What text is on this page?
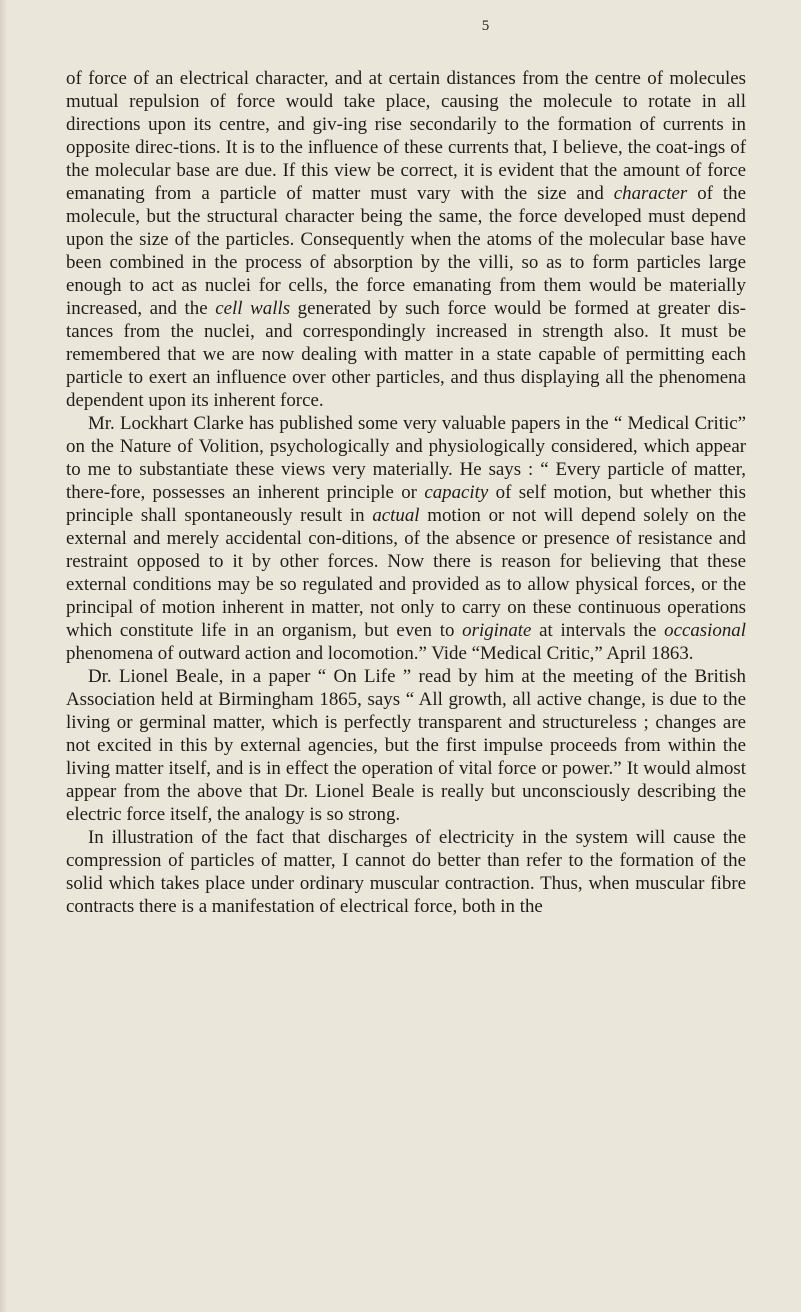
5

of force of an electrical character, and at certain distances from the centre of molecules mutual repulsion of force would take place, causing the molecule to rotate in all directions upon its centre, and giv-ing rise secondarily to the formation of currents in opposite direc-tions. It is to the influence of these currents that, I believe, the coat-ings of the molecular base are due. If this view be correct, it is evident that the amount of force emanating from a particle of matter must vary with the size and character of the molecule, but the structural character being the same, the force developed must depend upon the size of the particles. Consequently when the atoms of the molecular base have been combined in the process of absorption by the villi, so as to form particles large enough to act as nuclei for cells, the force emanating from them would be materially increased, and the cell walls generated by such force would be formed at greater dis-tances from the nuclei, and correspondingly increased in strength also. It must be remembered that we are now dealing with matter in a state capable of permitting each particle to exert an influence over other particles, and thus displaying all the phenomena dependent upon its inherent force.

Mr. Lockhart Clarke has published some very valuable papers in the “ Medical Critic” on the Nature of Volition, psychologically and physiologically considered, which appear to me to substantiate these views very materially. He says : “ Every particle of matter, there-fore, possesses an inherent principle or capacity of self motion, but whether this principle shall spontaneously result in actual motion or not will depend solely on the external and merely accidental con-ditions, of the absence or presence of resistance and restraint opposed to it by other forces. Now there is reason for believing that these external conditions may be so regulated and provided as to allow physical forces, or the principal of motion inherent in matter, not only to carry on these continuous operations which constitute life in an organism, but even to originate at intervals the occasional phenomena of outward action and locomotion.” Vide “Medical Critic,” April 1863.

Dr. Lionel Beale, in a paper “ On Life ” read by him at the meeting of the British Association held at Birmingham 1865, says “ All growth, all active change, is due to the living or germinal matter, which is perfectly transparent and structureless ; changes are not excited in this by external agencies, but the first impulse proceeds from within the living matter itself, and is in effect the operation of vital force or power.” It would almost appear from the above that Dr. Lionel Beale is really but unconsciously describing the electric force itself, the analogy is so strong.

In illustration of the fact that discharges of electricity in the system will cause the compression of particles of matter, I cannot do better than refer to the formation of the solid which takes place under ordinary muscular contraction. Thus, when muscular fibre contracts there is a manifestation of electrical force, both in the
